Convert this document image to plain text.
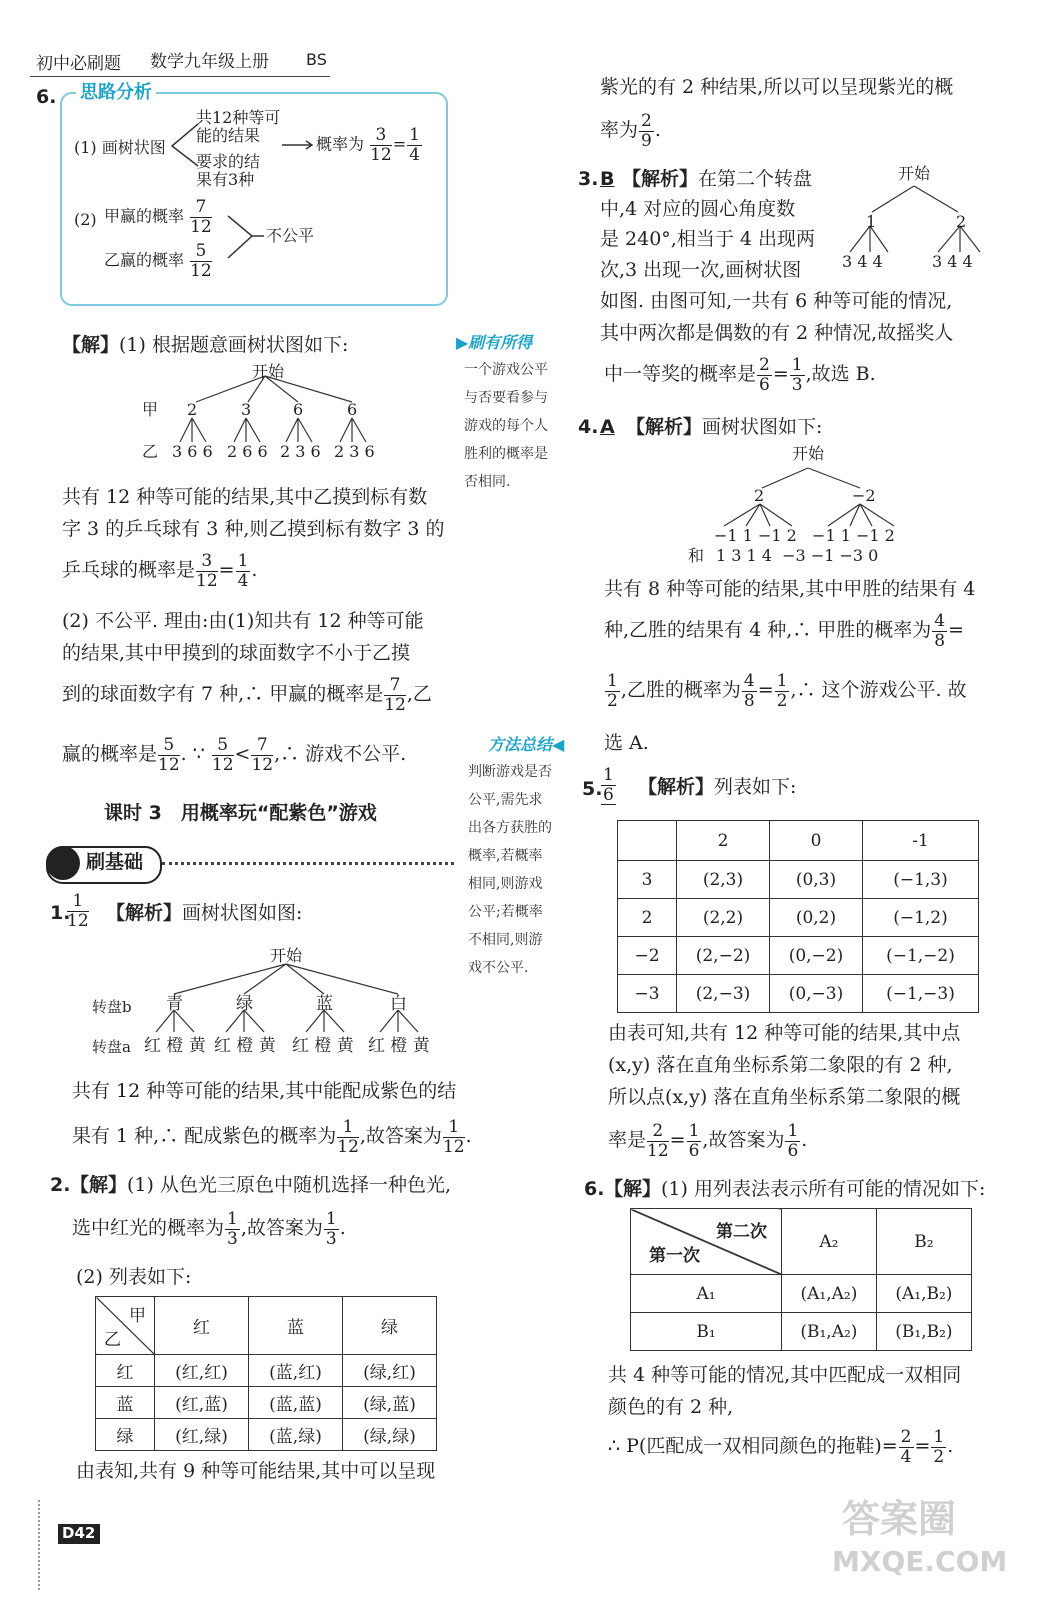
初中必刷题 数学九年级上册 BS
6. 思路分析
(1) 画树状图
共12种等可
能的结果
要求的结
果有3种
概率为 $\frac{3}{12} = \frac{1}{4}$
(2) 甲赢的概率 $\frac{7}{12}$
乙赢的概率 $\frac{5}{12}$
不公平
【解】(1) 根据题意画树状图如下:
开始
甲
乙
2	3	6	6
3 6 6 2 6 6 2 3 6 2 3 6
共有 12 种等可能的结果,其中乙摸到标有数
字 3 的乒乓球有 3 种,则乙摸到标有数字 3 的
乒乓球的概率是 $\frac{3}{12} = \frac{1}{4}$ .
(2) 不公平. 理由:由(1)知共有 12 种等可能
的结果,其中甲摸到的球面数字不小于乙摸
到的球面数字有 7 种,∴ 甲赢的概率是 $\frac{7}{12}$ ,乙
赢的概率是 $\frac{5}{12}$ . ∵ $\frac{5}{12} < \frac{7}{12}$ ,∴ 游戏不公平.
▶刷有所得
一个游戏公平
与否要看参与
游戏的每个人
胜利的概率是
否相同.
方法总结◀
判断游戏是否
公平,需先求
出各方获胜的
概率,若概率
相同,则游戏
公平;若概率
不相同,则游
戏不公平.
课时 3　用概率玩“配紫色”游戏
刷基础
1.
$\frac{1}{12}$ 【解析】画树状图如图:
开始
转盘b
转盘a
青	绿	蓝	白
红 橙 黄 红 橙 黄 红 橙 黄 红 橙 黄
共有 12 种等可能的结果,其中能配成紫色的结
果有 1 种,∴ 配成紫色的概率为 $\frac{1}{12}$ ,故答案为 $\frac{1}{12}$ .
2. 【解】(1) 从色光三原色中随机选择一种色光,
选中红光的概率为 $\frac{1}{3}$ ,故答案为 $\frac{1}{3}$ .
(2) 列表如下:
甲
乙	红	蓝	绿
红	(红,红)	(蓝,红)	(绿,红)
蓝	(红,蓝)	(蓝,蓝)	(绿,蓝)
绿	(红,绿)	(蓝,绿)	(绿,绿)
由表知,共有 9 种等可能结果,其中可以呈现
D42	答案圈
MXQE.COM
紫光的有 2 种结果,所以可以呈现紫光的概
率为 $\frac{2}{9}$ .
3. B 【解析】在第二个转盘
中,4 对应的圆心角度数
是 240°,相当于 4 出现两
次,3 出现一次,画树状图
如图. 由图可知,一共有 6 种等可能的情况,
其中两次都是偶数的有 2 种情况,故摇奖人
中一等奖的概率是 $\frac{2}{6} = \frac{1}{3}$ ,故选 B.
开始
1	2
3 4 4	3 4 4
4. A 【解析】画树状图如下:
开始
2	−2
−1 1 −1 2   −1 1 −1 2
和 1 3 1 4  −3 −1 −3 0
共有 8 种等可能的结果,其中甲胜的结果有 4
种,乙胜的结果有 4 种,∴ 甲胜的概率为 $\frac{4}{8}$ =
$\frac{1}{2}$ ,乙胜的概率为 $\frac{4}{8} = \frac{1}{2}$ ,∴ 这个游戏公平. 故
选 A.
5.
$\frac{1}{6}$ 【解析】列表如下:
	2	0	-1
3	(2,3)	(0,3)	(−1,3)
2	(2,2)	(0,2)	(−1,2)
−2	(2,−2)	(0,−2)	(−1,−2)
−3	(2,−3)	(0,−3)	(−1,−3)
由表可知,共有 12 种等可能的结果,其中点
(x,y) 落在直角坐标系第二象限的有 2 种,
所以点(x,y) 落在直角坐标系第二象限的概
率是 $\frac{2}{12} = \frac{1}{6}$ ,故答案为 $\frac{1}{6}$ .
6. 【解】(1) 用列表法表示所有可能的情况如下:
第二次
第一次	A₂	B₂
A₁	(A₁,A₂)	(A₁,B₂)
B₁	(B₁,A₂)	(B₁,B₂)
共 4 种等可能的情况,其中匹配成一双相同
颜色的有 2 种,
∴ P(匹配成一双相同颜色的拖鞋)= $\frac{2}{4} = \frac{1}{2}$ .
